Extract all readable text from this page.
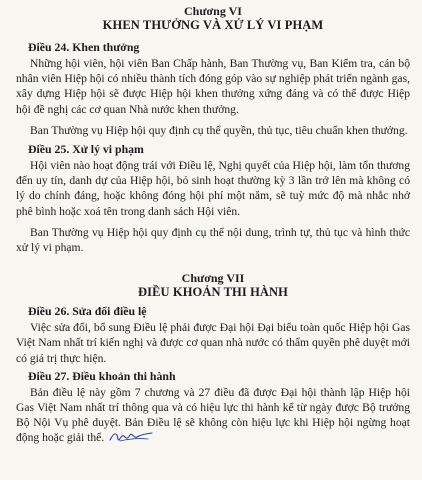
Chương VI
KHEN THƯỞNG VÀ XỬ LÝ VI PHẠM
Điều 24. Khen thưởng

Những hội viên, hội viên Ban Chấp hành, Ban Thường vụ, Ban Kiểm tra, cán bộ nhân viên Hiệp hội có nhiều thành tích đóng góp vào sự nghiệp phát triển ngành gas, xây dựng Hiệp hội sẽ được Hiệp hội khen thưởng xứng đáng và có thể được Hiệp hội đề nghị các cơ quan Nhà nước khen thưởng.

Ban Thường vụ Hiệp hội quy định cụ thể quyền, thủ tục, tiêu chuẩn khen thưởng.

Điều 25. Xử lý vi phạm

Hội viên nào hoạt động trái với Điều lệ, Nghị quyết của Hiệp hội, làm tổn thương đến uy tín, danh dự của Hiệp hội, bỏ sinh hoạt thường kỳ 3 lần trở lên mà không có lý do chính đáng, hoặc không đóng hội phí một năm, sẽ tuỳ mức độ mà nhắc nhở phê bình hoặc xoá tên trong danh sách Hội viên.

Ban Thường vụ Hiệp hội quy định cụ thể nội dung, trình tự, thủ tục và hình thức xử lý vi phạm.

Chương VII
ĐIỀU KHOẢN THI HÀNH
Điều 26. Sửa đổi điều lệ

Việc sửa đổi, bổ sung Điều lệ phải được Đại hội Đại biểu toàn quốc Hiệp hội Gas Việt Nam nhất trí kiến nghị và được cơ quan nhà nước có thẩm quyền phê duyệt mới có giá trị thực hiện.

Điều 27. Điều khoản thi hành

Bản điều lệ này gồm 7 chương và 27 điều đã được Đại hội thành lập Hiệp hội Gas Việt Nam nhất trí thông qua và có hiệu lực thi hành kể từ ngày được Bộ trưởng Bộ Nội Vụ phê duyệt. Bản Điều lệ sẽ không còn hiệu lực khi Hiệp hội ngừng hoạt động hoặc giải thể.
